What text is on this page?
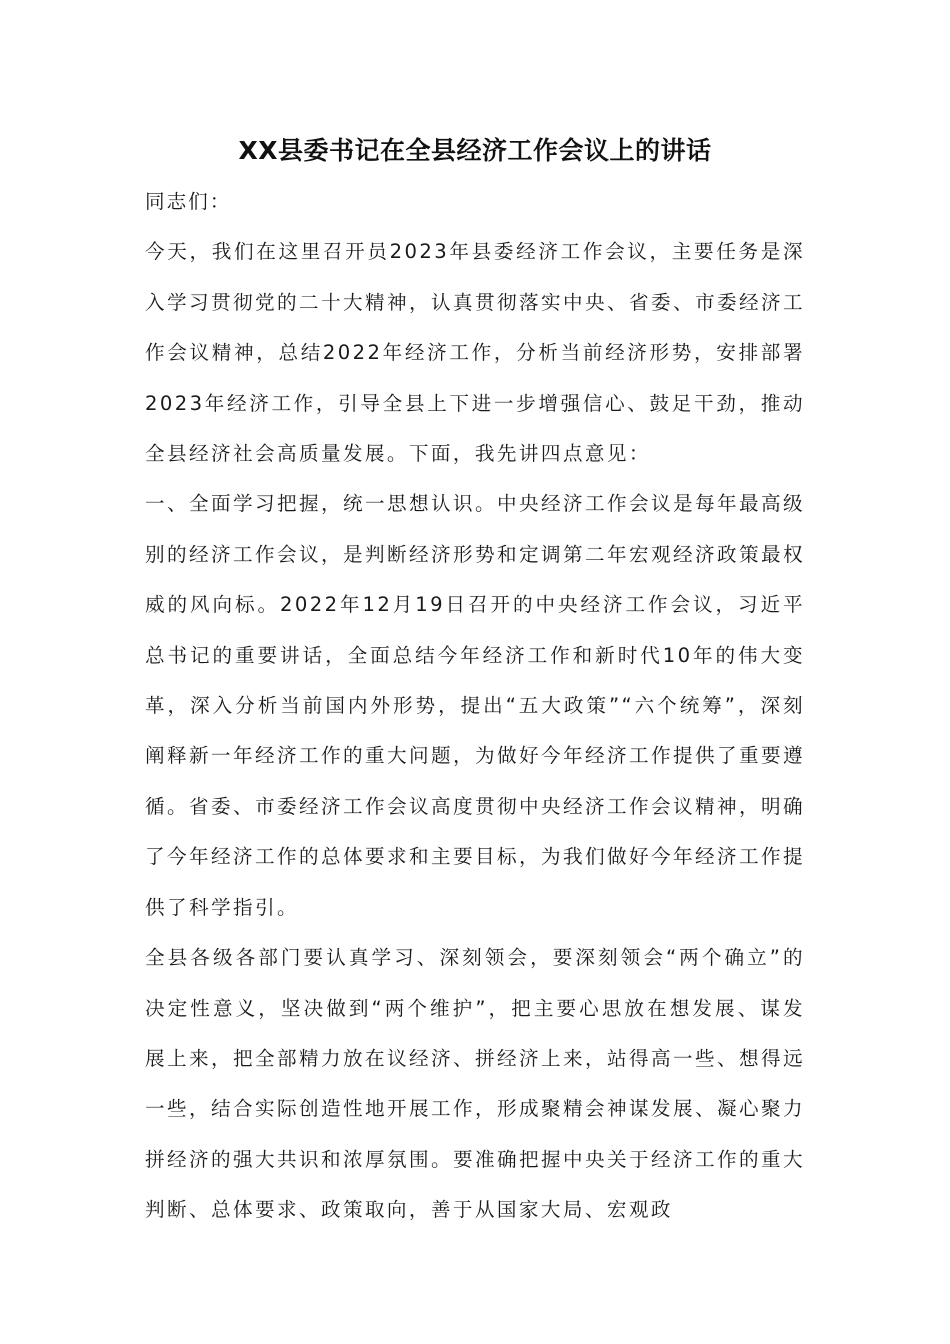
XX县委书记在全县经济工作会议上的讲话

同志们：

今天，我们在这里召开员2023年县委经济工作会议，主要任务是深入学习贯彻党的二十大精神，认真贯彻落实中央、省委、市委经济工作会议精神，总结2022年经济工作，分析当前经济形势，安排部署2023年经济工作，引导全县上下进一步增强信心、鼓足干劲，推动全县经济社会高质量发展。下面，我先讲四点意见：

一、全面学习把握，统一思想认识。中央经济工作会议是每年最高级别的经济工作会议，是判断经济形势和定调第二年宏观经济政策最权威的风向标。2022年12月19日召开的中央经济工作会议，习近平总书记的重要讲话，全面总结今年经济工作和新时代10年的伟大变革，深入分析当前国内外形势，提出“五大政策”“六个统筹”，深刻阐释新一年经济工作的重大问题，为做好今年经济工作提供了重要遵循。省委、市委经济工作会议高度贯彻中央经济工作会议精神，明确了今年经济工作的总体要求和主要目标，为我们做好今年经济工作提供了科学指引。

全县各级各部门要认真学习、深刻领会，要深刻领会“两个确立”的决定性意义，坚决做到“两个维护”，把主要心思放在想发展、谋发展上来，把全部精力放在议经济、拼经济上来，站得高一些、想得远一些，结合实际创造性地开展工作，形成聚精会神谋发展、凝心聚力拼经济的强大共识和浓厚氛围。要准确把握中央关于经济工作的重大判断、总体要求、政策取向，善于从国家大局、宏观政
